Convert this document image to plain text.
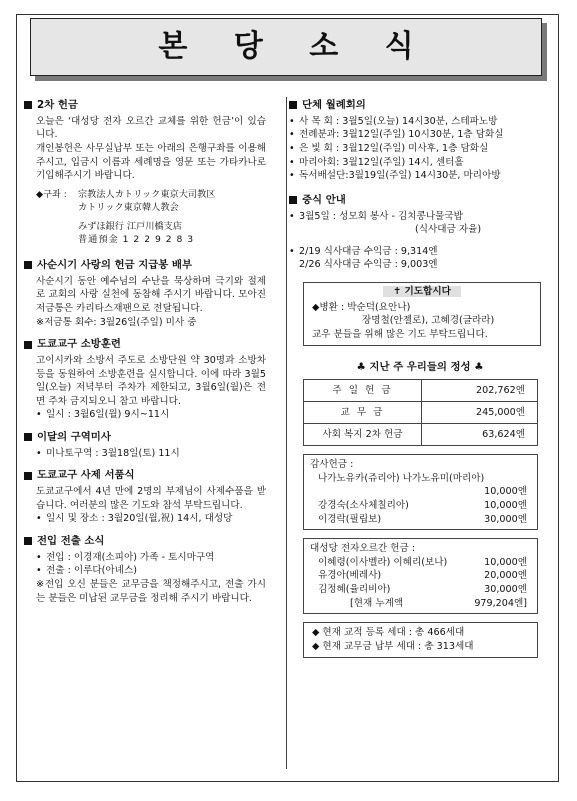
본 당 소 식
2차 헌금
오늘은 ‘대성당 전자 오르간 교체를 위한 헌금’이 있습니다.
개인봉헌은 사무실납부 또는 아래의 은행구좌를 이용해 주시고, 입금시 이름과 세례명을 영문 또는 가타카나로 기입해주시기 바랍니다.
◆구좌 :	宗教法人カトリック東京大司教区
カトリック東京韓人教会
みずほ銀行 江戸川橋支店
普通預金 1 2 2 9 2 8 3
사순시기 사랑의 헌금 지급봉 배부
사순시기 동안 예수님의 수난을 묵상하며 극기와 절제로 교회의 사랑 실천에 동참해 주시기 바랍니다. 모아진 저금통은 카리타스재팬으로 전달됩니다.
※저금통 회수: 3월26일(주일) 미사 중
도쿄교구 소방훈련
고이시카와 소방서 주도로 소방단원 약 30명과 소방차 등을 동원하여 소방훈련을 실시합니다. 이에 따라 3월5일(오늘) 저녁부터 주차가 제한되고, 3월6일(월)은 전면 주차 금지되오니 참고 바랍니다.
• 일시 : 3월6일(월) 9시~11시
이달의 구역미사
• 미나토구역 : 3월18일(토) 11시
도쿄교구 사제 서품식
도쿄교구에서 4년 만에 2명의 부제님이 사제수품을 받습니다. 여러분의 많은 기도와 참석 부탁드립니다.
• 일시 및 장소 : 3월20일(월,祝) 14시, 대성당
전입 전출 소식
• 전입 : 이경재(소피아) 가족 - 토시마구역
• 전출 : 이루다(아녜스)
※전입 오신 분들은 교무금을 책정해주시고, 전출 가시는 분들은 미납된 교무금을 정리해 주시기 바랍니다.
단체 월례회의
• 사 목 회 : 3월5일(오늘) 14시30분, 스테파노방
• 전례분과: 3월12일(주일) 10시30분, 1층 담화실
• 은 빛 회 : 3월12일(주일) 미사후, 1층 담화실
• 마리아회: 3월12일(주일) 14시, 센터홀
• 독서배설단:3월19일(주일) 14시30분, 마리아방
중식 안내
• 3월5일 : 성모회 봉사 - 김치콩나물국밥
(식사대금 자율)
• 2/19 식사대금 수익금 : 9,314엔
2/26 식사대금 수익금 : 9,003엔
✝ 기도합시다
◆병환 : 박순덕(요안나)
장명철(안젤로), 고혜경(글라라)
교우 분들을 위해 많은 기도 부탁드립니다.
♣ 지난 주 우리들의 정성 ♣
주 일 헌 금	202,762엔
교 무 금	245,000엔
사회 복지 2차 헌금	63,624엔
감사헌금 :
나가노유카(쥬리아) 나가노유미(마리아)
10,000엔
강경숙(소사체칠리아)	10,000엔
이경락(필립보)	30,000엔
대성당 전자오르간 헌금 :
이혜령(이사벨라) 이혜리(보나)	10,000엔
유경아(베레사)	20,000엔
김정혜(율리비아)	30,000엔
[현재 누계액	979,204엔]
◆ 현재 교적 등록 세대 : 총 466세대
◆ 현재 교무금 납부 세대 : 총 313세대
